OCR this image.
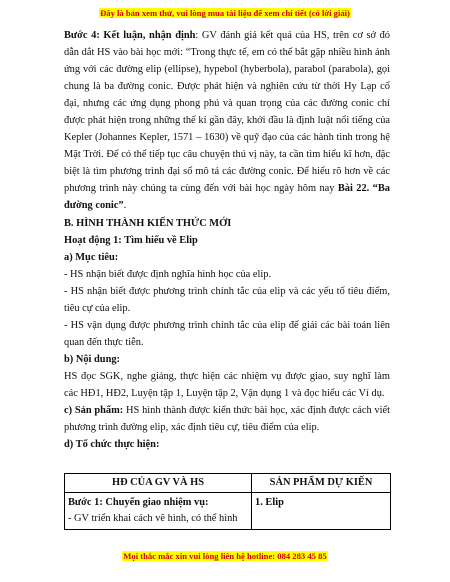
Đây là bản xem thử, vui lòng mua tài liệu để xem chi tiết (có lời giải)

Bước 4: Kết luận, nhận định: GV đánh giá kết quả của HS, trên cơ sở đó dẫn dắt HS vào bài học mới: “Trong thực tế, em có thể bắt gặp nhiều hình ảnh ứng với các đường elip (ellipse), hypebol (hyberbola), parabol (parabola), gọi chung là ba đường conic. Được phát hiện và nghiên cứu từ thời Hy Lạp cổ đại, nhưng các ứng dụng phong phú và quan trọng của các đường conic chỉ được phát hiện trong những thế kỉ gần đây, khởi đầu là định luật nổi tiếng của Kepler (Johannes Kepler, 1571 – 1630) về quỹ đạo của các hành tinh trong hệ Mặt Trời. Để có thể tiếp tục câu chuyện thú vị này, ta cần tìm hiểu kĩ hơn, đặc biệt là tìm phương trình đại số mô tả các đường conic. Để hiểu rõ hơn về các phương trình này chúng ta cùng đến với bài học ngày hôm nay Bài 22. “Ba đường conic”.

B. HÌNH THÀNH KIẾN THỨC MỚI

Hoạt động 1: Tìm hiểu về Elip

a) Mục tiêu:

- HS nhận biết được định nghĩa hình học của elip.

- HS nhận biết được phương trình chính tắc của elip và các yếu tố tiêu điểm, tiêu cự của elip.

- HS vận dụng được phương trình chính tắc của elip để giải các bài toán liên quan đến thực tiễn.

b) Nội dung:

HS đọc SGK, nghe giảng, thực hiện các nhiệm vụ được giao, suy nghĩ làm các HĐ1, HĐ2, Luyện tập 1, Luyện tập 2, Vận dụng 1 và đọc hiểu các Ví dụ.

c) Sản phẩm: HS hình thành được kiến thức bài học, xác định được cách viết phương trình đường elip, xác định tiêu cự, tiêu điểm của elip.

d) Tổ chức thực hiện:

HĐ CỦA GV VÀ HS	SẢN PHẨM DỰ KIẾN
Bước 1: Chuyển giao nhiệm vụ:
- GV triển khai cách vẽ hình, có thể hình	1. Elip
Mọi thắc mắc xin vui lòng liên hệ hotline: 084 283 45 85
